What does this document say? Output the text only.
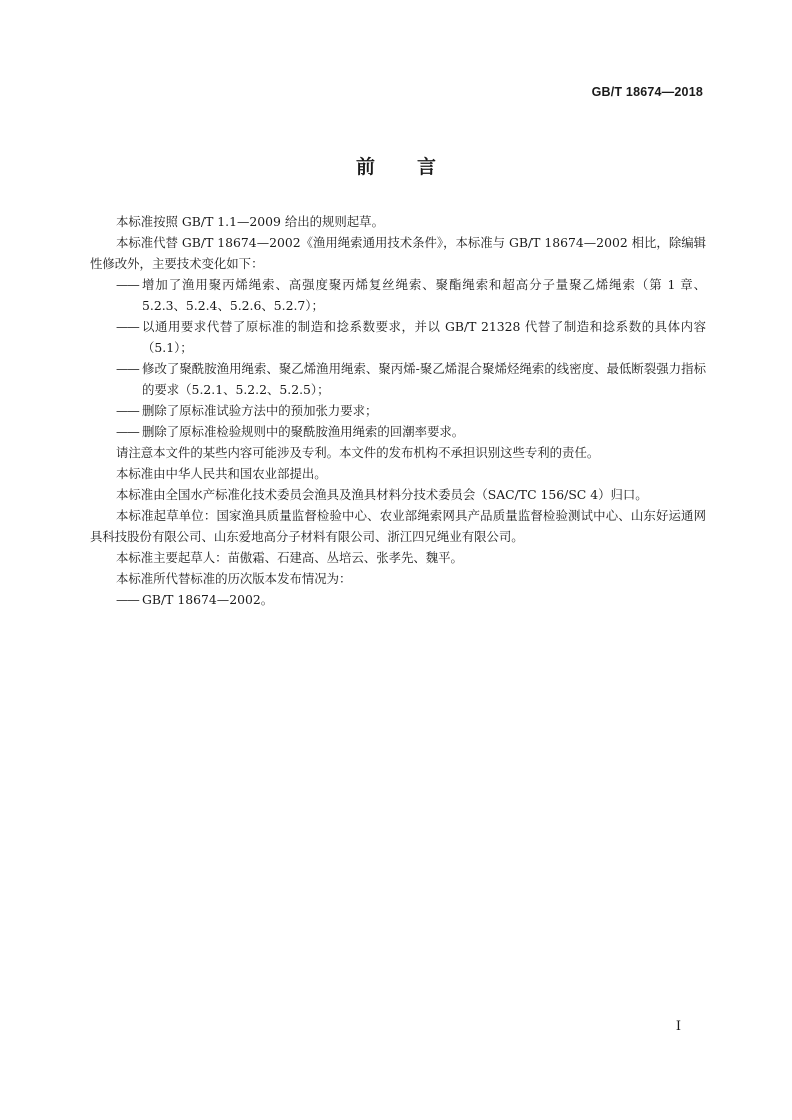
GB/T 18674—2018
前言

本标准按照 GB/T 1.1—2009 给出的规则起草。

本标准代替 GB/T 18674—2002《渔用绳索通用技术条件》，本标准与 GB/T 18674—2002 相比，除编辑性修改外，主要技术变化如下：

—— 增加了渔用聚丙烯绳索、高强度聚丙烯复丝绳索、聚酯绳索和超高分子量聚乙烯绳索（第 1 章、5.2.3、5.2.4、5.2.6、5.2.7）；

—— 以通用要求代替了原标准的制造和捻系数要求，并以 GB/T 21328 代替了制造和捻系数的具体内容（5.1）；

—— 修改了聚酰胺渔用绳索、聚乙烯渔用绳索、聚丙烯-聚乙烯混合聚烯烃绳索的线密度、最低断裂强力指标的要求（5.2.1、5.2.2、5.2.5）；

—— 删除了原标准试验方法中的预加张力要求；

—— 删除了原标准检验规则中的聚酰胺渔用绳索的回潮率要求。

请注意本文件的某些内容可能涉及专利。本文件的发布机构不承担识别这些专利的责任。

本标准由中华人民共和国农业部提出。

本标准由全国水产标准化技术委员会渔具及渔具材料分技术委员会（SAC/TC 156/SC 4）归口。

本标准起草单位：国家渔具质量监督检验中心、农业部绳索网具产品质量监督检验测试中心、山东好运通网具科技股份有限公司、山东爱地高分子材料有限公司、浙江四兄绳业有限公司。

本标准主要起草人：苗傲霜、石建高、丛培云、张孝先、魏平。

本标准所代替标准的历次版本发布情况为：

—— GB/T 18674—2002。

I
